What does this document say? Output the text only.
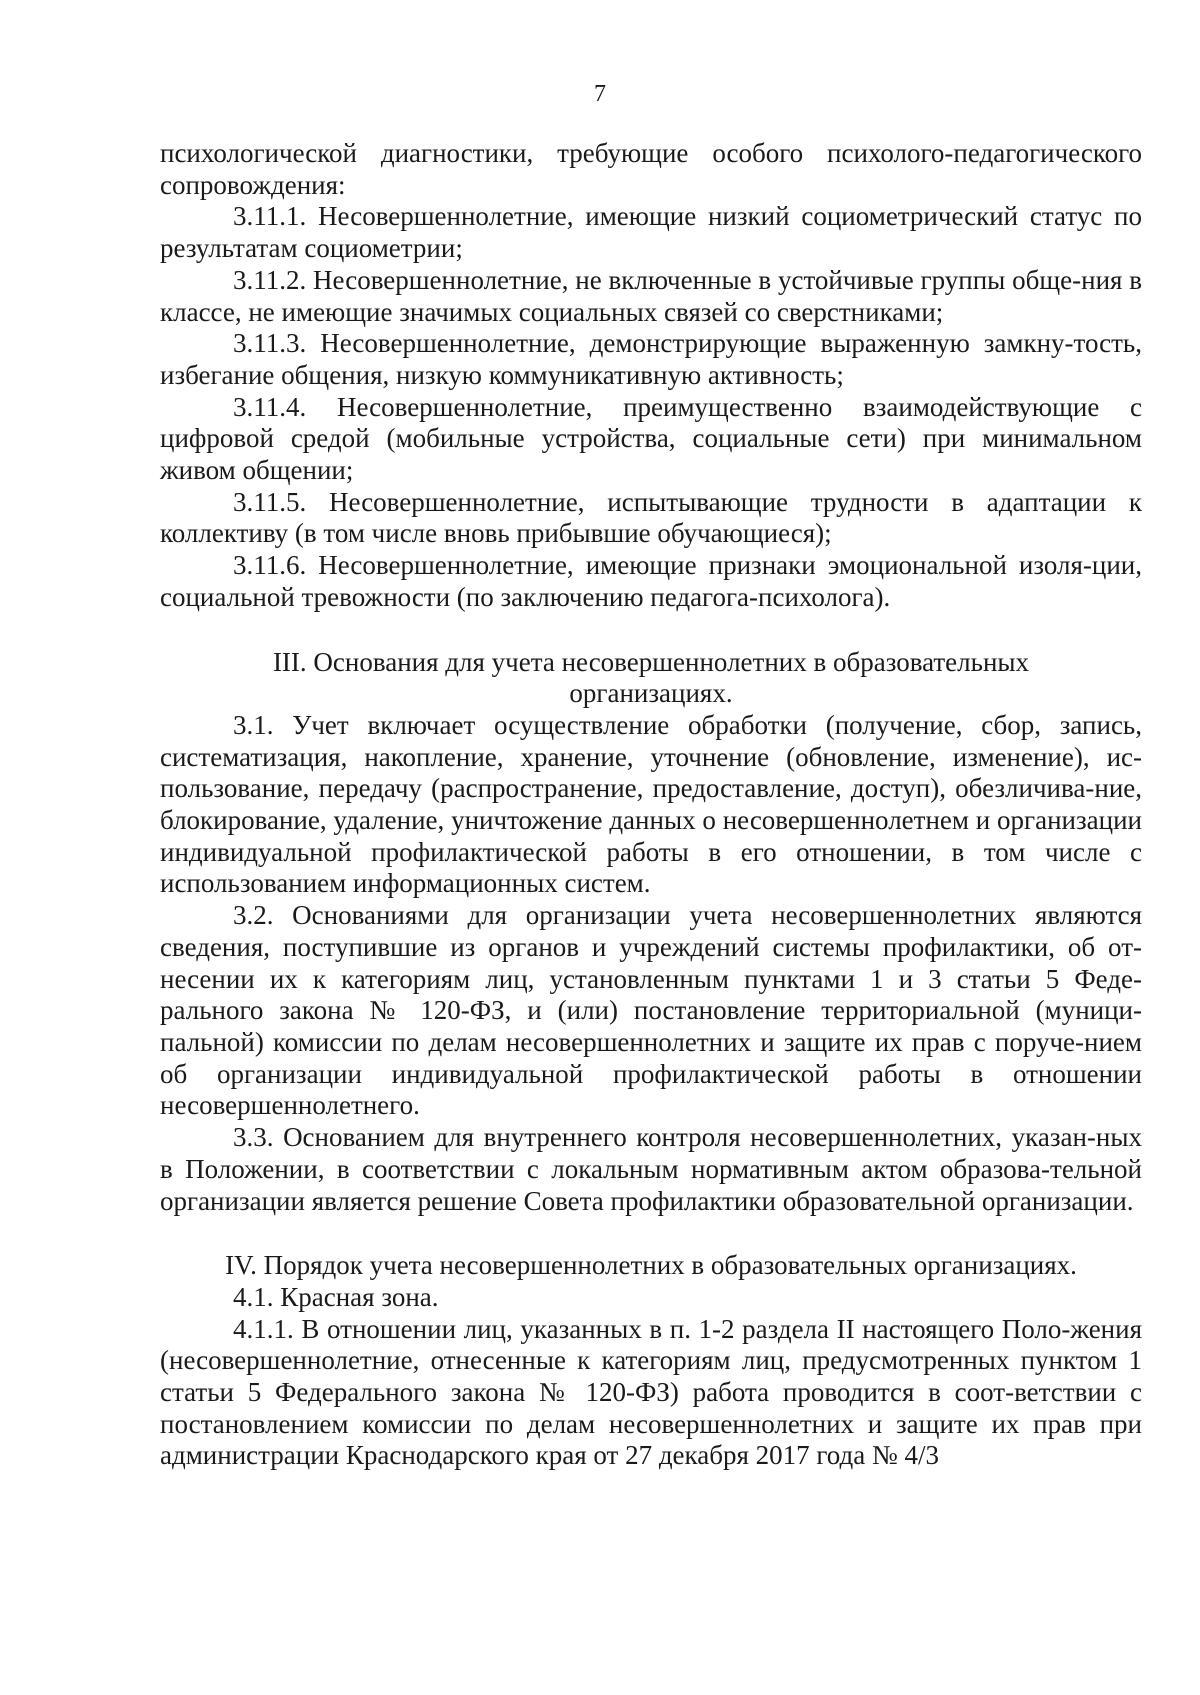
7

психологической диагностики, требующие особого психолого-педагогического сопровождения:

3.11.1. Несовершеннолетние, имеющие низкий социометрический статус по результатам социометрии;

3.11.2. Несовершеннолетние, не включенные в устойчивые группы обще-ния в классе, не имеющие значимых социальных связей со сверстниками;

3.11.3. Несовершеннолетние, демонстрирующие выраженную замкну-тость, избегание общения, низкую коммуникативную активность;

3.11.4. Несовершеннолетние, преимущественно взаимодействующие с цифровой средой (мобильные устройства, социальные сети) при минимальном живом общении;

3.11.5. Несовершеннолетние, испытывающие трудности в адаптации к коллективу (в том числе вновь прибывшие обучающиеся);

3.11.6. Несовершеннолетние, имеющие признаки эмоциональной изоля-ции, социальной тревожности (по заключению педагога-психолога).

III. Основания для учета несовершеннолетних в образовательных организациях.

3.1. Учет включает осуществление обработки (получение, сбор, запись, систематизация, накопление, хранение, уточнение (обновление, изменение), ис-пользование, передачу (распространение, предоставление, доступ), обезличива-ние, блокирование, удаление, уничтожение данных о несовершеннолетнем и организации индивидуальной профилактической работы в его отношении, в том числе с использованием информационных систем.

3.2. Основаниями для организации учета несовершеннолетних являются сведения, поступившие из органов и учреждений системы профилактики, об от-несении их к категориям лиц, установленным пунктами 1 и 3 статьи 5 Феде-рального закона № 120-ФЗ, и (или) постановление территориальной (муници-пальной) комиссии по делам несовершеннолетних и защите их прав с поруче-нием об организации индивидуальной профилактической работы в отношении несовершеннолетнего.

3.3. Основанием для внутреннего контроля несовершеннолетних, указан-ных в Положении, в соответствии с локальным нормативным актом образова-тельной организации является решение Совета профилактики образовательной организации.

IV. Порядок учета несовершеннолетних в образовательных организациях.

4.1. Красная зона.

4.1.1. В отношении лиц, указанных в п. 1-2 раздела II настоящего Поло-жения (несовершеннолетние, отнесенные к категориям лиц, предусмотренных пунктом 1 статьи 5 Федерального закона № 120-ФЗ) работа проводится в соот-ветствии с постановлением комиссии по делам несовершеннолетних и защите их прав при администрации Краснодарского края от 27 декабря 2017 года № 4/3
